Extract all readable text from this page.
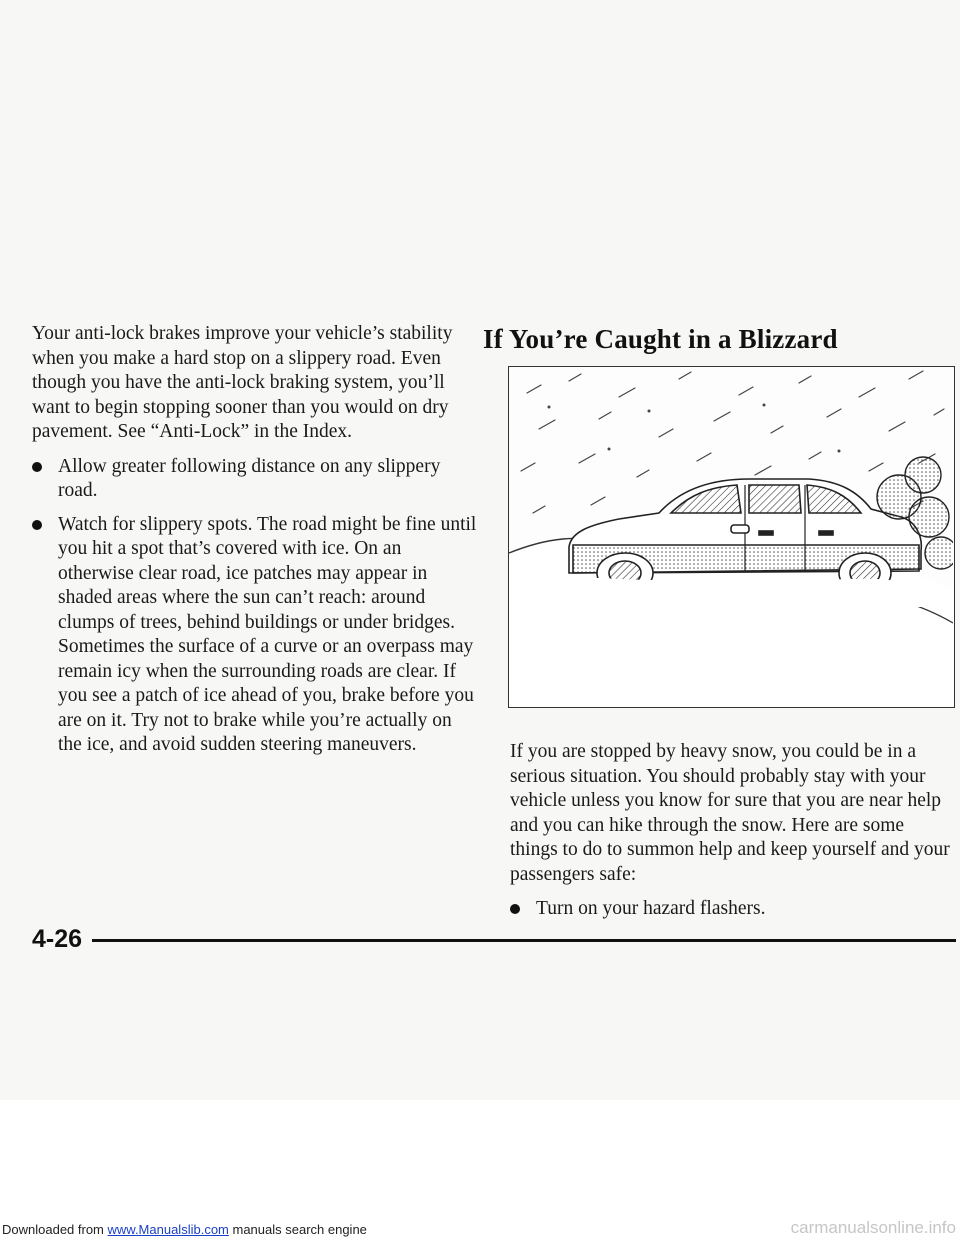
Your anti-lock brakes improve your vehicle’s stability when you make a hard stop on a slippery road. Even though you have the anti-lock braking system, you’ll want to begin stopping sooner than you would on dry pavement. See “Anti-Lock” in the Index.

Allow greater following distance on any slippery road.
Watch for slippery spots. The road might be fine until you hit a spot that’s covered with ice. On an otherwise clear road, ice patches may appear in shaded areas where the sun can’t reach: around clumps of trees, behind buildings or under bridges. Sometimes the surface of a curve or an overpass may remain icy when the surrounding roads are clear. If you see a patch of ice ahead of you, brake before you are on it. Try not to brake while you’re actually on the ice, and avoid sudden steering maneuvers.
If You’re Caught in a Blizzard

If you are stopped by heavy snow, you could be in a serious situation. You should probably stay with your vehicle unless you know for sure that you are near help and you can hike through the snow. Here are some things to do to summon help and keep yourself and your passengers safe:

Turn on your hazard flashers.

4-26

Downloaded from www.Manualslib.com manuals search engine	carmanualsonline.info
